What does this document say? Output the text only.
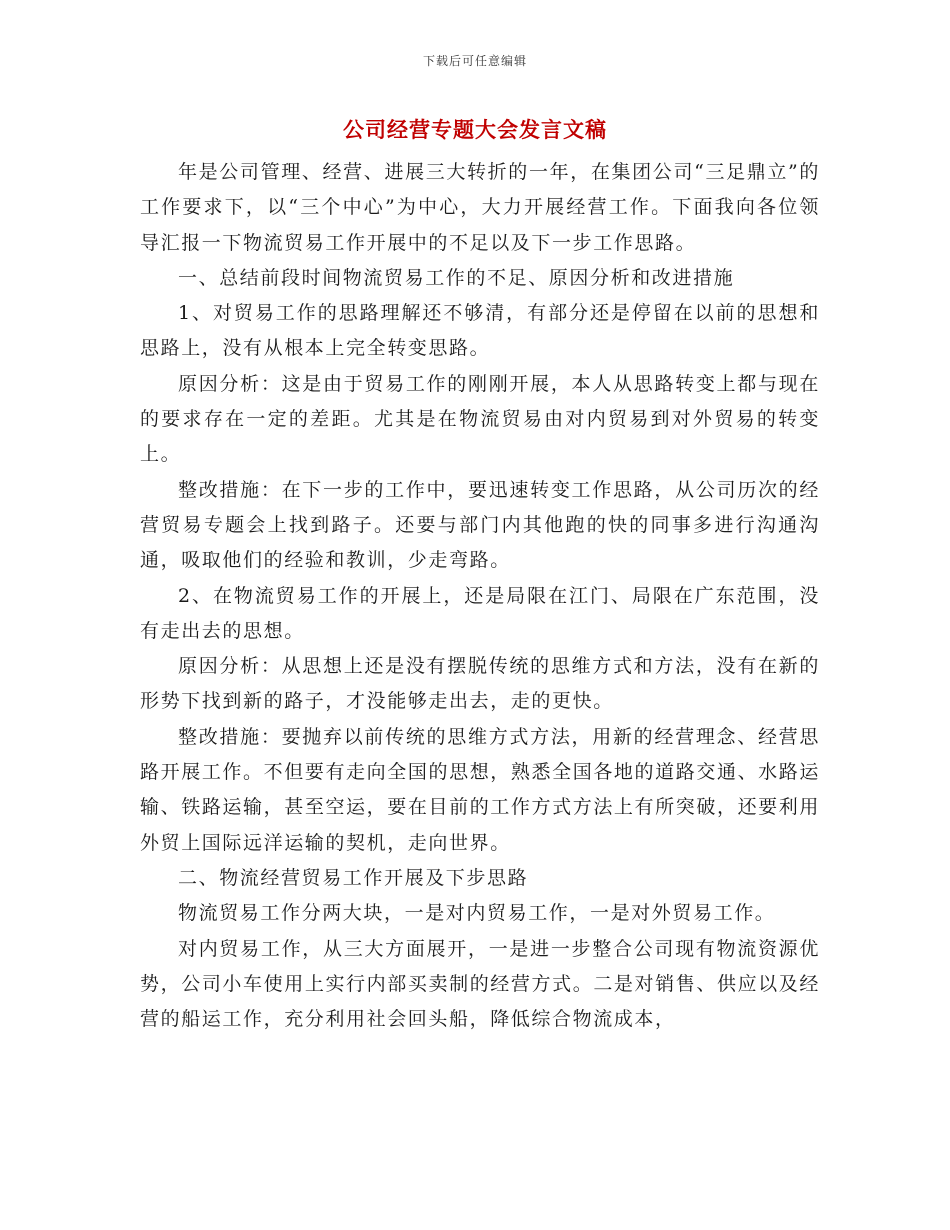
下载后可任意编辑
公司经营专题大会发言文稿

年是公司管理、经营、进展三大转折的一年，在集团公司“三足鼎立”的工作要求下，以“三个中心”为中心，大力开展经营工作。下面我向各位领导汇报一下物流贸易工作开展中的不足以及下一步工作思路。

一、总结前段时间物流贸易工作的不足、原因分析和改进措施

1、对贸易工作的思路理解还不够清，有部分还是停留在以前的思想和思路上，没有从根本上完全转变思路。

原因分析：这是由于贸易工作的刚刚开展，本人从思路转变上都与现在的要求存在一定的差距。尤其是在物流贸易由对内贸易到对外贸易的转变上。

整改措施：在下一步的工作中，要迅速转变工作思路，从公司历次的经营贸易专题会上找到路子。还要与部门内其他跑的快的同事多进行沟通沟通，吸取他们的经验和教训，少走弯路。

2、在物流贸易工作的开展上，还是局限在江门、局限在广东范围，没有走出去的思想。

原因分析：从思想上还是没有摆脱传统的思维方式和方法，没有在新的形势下找到新的路子，才没能够走出去，走的更快。

整改措施：要抛弃以前传统的思维方式方法，用新的经营理念、经营思路开展工作。不但要有走向全国的思想，熟悉全国各地的道路交通、水路运输、铁路运输，甚至空运，要在目前的工作方式方法上有所突破，还要利用外贸上国际远洋运输的契机，走向世界。

二、物流经营贸易工作开展及下步思路

物流贸易工作分两大块，一是对内贸易工作，一是对外贸易工作。

对内贸易工作，从三大方面展开，一是进一步整合公司现有物流资源优势，公司小车使用上实行内部买卖制的经营方式。二是对销售、供应以及经营的船运工作，充分利用社会回头船，降低综合物流成本，
